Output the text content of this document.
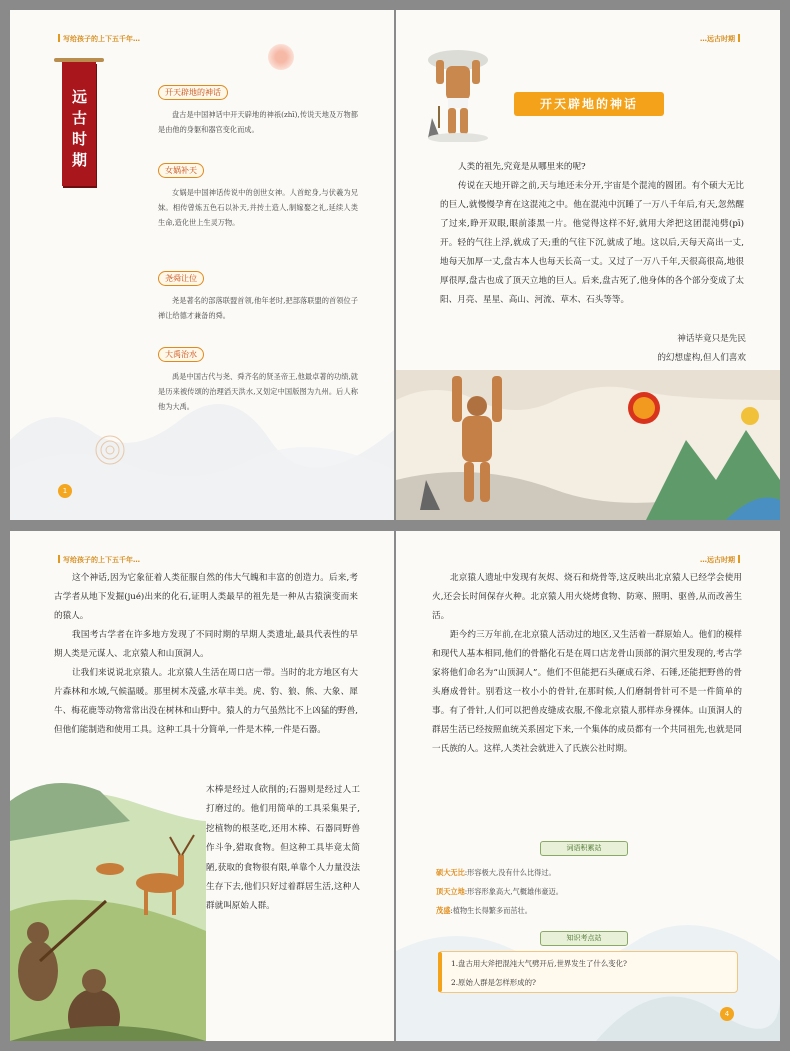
写给孩子的上下五千年…
远古时期	开天辟地的神话

盘古是中国神话中开天辟地的神祇(zhī),传说天地及万物都是由他的身躯和器官变化而成。

女娲补天

女娲是中国神话传说中的创世女神。人首蛇身,与伏羲为兄妹。相传曾炼五色石以补天,并抟土造人,制嫁娶之礼,延续人类生命,造化世上生灵万物。

尧舜让位

尧是著名的部落联盟首领,他年老时,把部落联盟的首领位子禅让给德才兼备的舜。

大禹治水

禹是中国古代与尧、舜齐名的贤圣帝王,他最卓著的功绩,就是历来被传颂的治理滔天洪水,又划定中国版图为九州。后人称他为大禹。

1
…远古时期
开天辟地的神话

人类的祖先,究竟是从哪里来的呢?

传说在天地开辟之前,天与地还未分开,宇宙是个混沌的圆团。有个硕大无比的巨人,就慢慢孕育在这混沌之中。他在混沌中沉睡了一万八千年后,有天,忽然醒了过来,睁开双眼,眼前漆黑一片。他觉得这样不好,就用大斧把这团混沌劈(pī)开。轻的气往上浮,就成了天;重的气往下沉,就成了地。这以后,天每天高出一丈,地每天加厚一丈,盘古本人也每天长高一丈。又过了一万八千年,天很高很高,地很厚很厚,盘古也成了顶天立地的巨人。后来,盘古死了,他身体的各个部分变成了太阳、月亮、星星、高山、河流、草木、石头等等。

神话毕竟只是先民
的幻想虚构,但人们喜欢
写给孩子的上下五千年…

这个神话,因为它象征着人类征服自然的伟大气魄和丰富的创造力。后来,考古学者从地下发掘(jué)出来的化石,证明人类最早的祖先是一种从古猿演变而来的猿人。

我国考古学者在许多地方发现了不同时期的早期人类遗址,最具代表性的早期人类是元谋人、北京猿人和山顶洞人。

让我们来说说北京猿人。北京猿人生活在周口店一带。当时的北方地区有大片森林和水域,气候温暖。那里树木茂盛,水草丰美。虎、豹、狼、熊、大象、犀牛、梅花鹿等动物常常出没在树林和山野中。猿人的力气虽然比不上凶猛的野兽,但他们能制造和使用工具。这种工具十分简单,一件是木棒,一件是石器。

木棒是经过人砍削的;石器则是经过人工打磨过的。他们用简单的工具采集果子,挖植物的根茎吃,还用木棒、石器同野兽作斗争,猎取食物。但这种工具毕竟太简陋,获取的食物很有限,单靠个人力量没法生存下去,他们只好过着群居生活,这种人群就叫原始人群。
…远古时期

北京猿人遗址中发现有灰烬、烧石和烧骨等,这反映出北京猿人已经学会使用火,还会长时间保存火种。北京猿人用火烧烤食物、防寒、照明、驱兽,从而改善生活。

距今约三万年前,在北京猿人活动过的地区,又生活着一群原始人。他们的模样和现代人基本相同,他们的骨骼化石是在周口店龙骨山顶部的洞穴里发现的,考古学家将他们命名为“山顶洞人”。他们不但能把石头砸成石斧、石锤,还能把野兽的骨头磨成骨针。别看这一枚小小的骨针,在那时候,人们磨制骨针可不是一件简单的事。有了骨针,人们可以把兽皮缝成衣服,不像北京猿人那样赤身裸体。山顶洞人的群居生活已经按照血统关系固定下来,一个集体的成员都有一个共同祖先,也就是同一氏族的人。这样,人类社会就进入了氏族公社时期。

词语积累站
硕大无比:形容极大,没有什么比得过。
顶天立地:形容形象高大,气概雄伟豪迈。
茂盛:植物生长得繁多而茁壮。
知识考点站
1.盘古用大斧把混沌大气劈开后,世界发生了什么变化?
2.原始人群是怎样形成的?
4
